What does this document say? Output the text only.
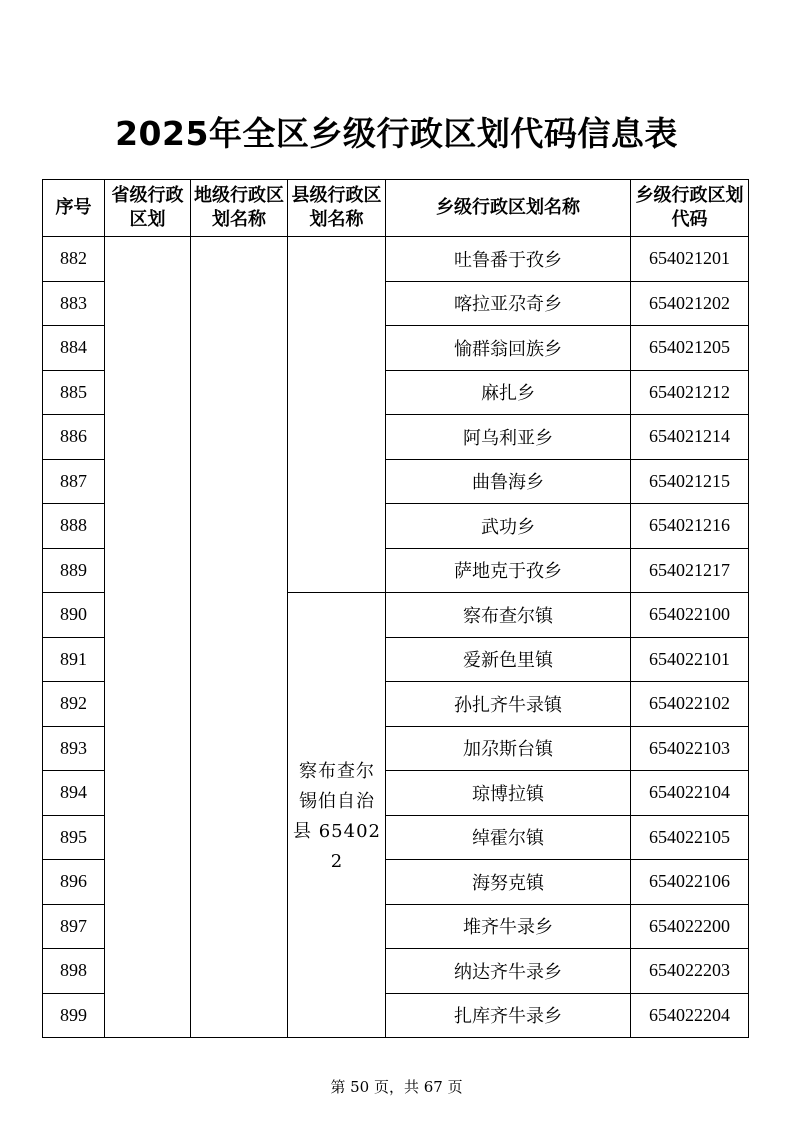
2025年全区乡级行政区划代码信息表
序号	省级行政区划	地级行政区划名称	县级行政区划名称	乡级行政区划名称	乡级行政区划代码
882				吐鲁番于孜乡	654021201
883				喀拉亚尕奇乡	654021202
884				愉群翁回族乡	654021205
885				麻扎乡	654021212
886				阿乌利亚乡	654021214
887				曲鲁海乡	654021215
888				武功乡	654021216
889				萨地克于孜乡	654021217
890			察布查尔锡伯自治县 654022	察布查尔镇	654022100
891				爱新色里镇	654022101
892				孙扎齐牛录镇	654022102
893				加尕斯台镇	654022103
894				琼博拉镇	654022104
895				绰霍尔镇	654022105
896				海努克镇	654022106
897				堆齐牛录乡	654022200
898				纳达齐牛录乡	654022203
899				扎库齐牛录乡	654022204
第 50 页，共 67 页
